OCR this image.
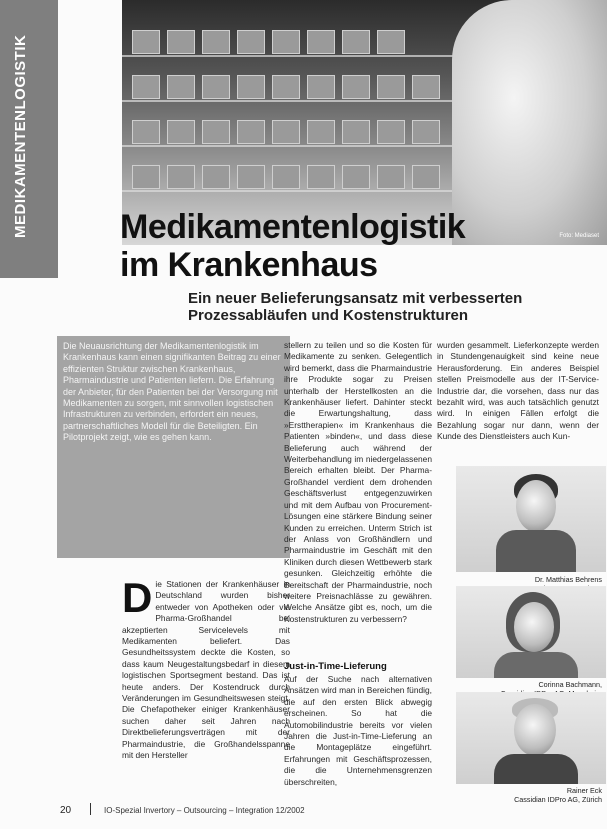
MEDIKAMENTENLOGISTIK	Foto: Mediaset
Medikamentenlogistik
im Krankenhaus
Ein neuer Belieferungsansatz mit verbesserten Prozessabläufen und Kostenstrukturen
Die Neuausrichtung der Medikamentenlogistik im Krankenhaus kann einen signifikanten Beitrag zu einer effizienten Struktur zwischen Krankenhaus, Pharmaindustrie und Patienten liefern. Die Erfahrung der Anbieter, für den Patienten bei der Versorgung mit Medikamenten zu sorgen, mit sinnvollen logistischen Infrastrukturen zu verbinden, erfordert ein neues, partnerschaftliches Modell für die Beteiligten. Ein Pilotprojekt zeigt, wie es gehen kann.
D ie Stationen der Krankenhäuser in Deutschland wurden bisher entweder von Apotheken oder via Pharma-Großhandel bei akzeptierten Servicelevels mit Medikamenten beliefert. Das Gesundheitssystem deckte die Kosten, so dass kaum Neugestaltungsbedarf in diesem logistischen Sportsegment bestand. Das ist heute anders. Der Kostendruck durch Veränderungen im Gesundheitswesen steigt. Die Chefapotheker einiger Krankenhäuser suchen daher seit Jahren nach Direktbelieferungsverträgen mit der Pharmaindustrie, die Großhandelsspanne mit den Hersteller
stellern zu teilen und so die Kosten für Medikamente zu senken. Gelegentlich wird bemerkt, dass die Pharmaindustrie ihre Produkte sogar zu Preisen unterhalb der Herstellkosten an die Krankenhäuser liefert. Dahinter steckt die Erwartungshaltung, dass »Ersttherapien« im Krankenhaus die Patienten »binden«, und dass diese Belieferung auch während der Weiterbehandlung im niedergelassenen Bereich erhalten bleibt. Der Pharma-Großhandel verdient dem drohenden Geschäftsverlust entgegenzuwirken und mit dem Aufbau von Procurement-Lösungen eine stärkere Bindung seiner Kunden zu erreichen. Unterm Strich ist der Anlass von Großhändlern und Pharmaindustrie im Geschäft mit den Kliniken durch diesen Wettbewerb stark gesunken. Gleichzeitig erhöhte die Bereitschaft der Pharmaindustrie, noch weitere Preisnachlässe zu gewähren. Welche Ansätze gibt es, noch, um die Kostenstrukturen zu verbessern?
Just-in-Time-Lieferung
Auf der Suche nach alternativen Ansätzen wird man in Bereichen fündig, die auf den ersten Blick abwegig erscheinen. So hat die Automobilindustrie bereits vor vielen Jahren die Just-in-Time-Lieferung an die Montageplätze eingeführt. Erfahrungen mit Geschäftsprozessen, die die Unternehmensgrenzen überschreiten,
wurden gesammelt. Lieferkonzepte werden in Stundengenauigkeit sind keine neue Herausforderung. Ein anderes Beispiel stellen Preismodelle aus der IT-Service-Industrie dar, die vorsehen, dass nur das bezahlt wird, was auch tatsächlich genutzt wird. In einigen Fällen erfolgt die Bezahlung sogar nur dann, wenn der Kunde des Dienstleisters auch Kun-
Dr. Matthias Behrens
Corinna Bachmann,
Rainer Eck
Cassidian IDPro AG, Zürich
20	IO-Spezial Invertory – Outsourcing – Integration 12/2002
